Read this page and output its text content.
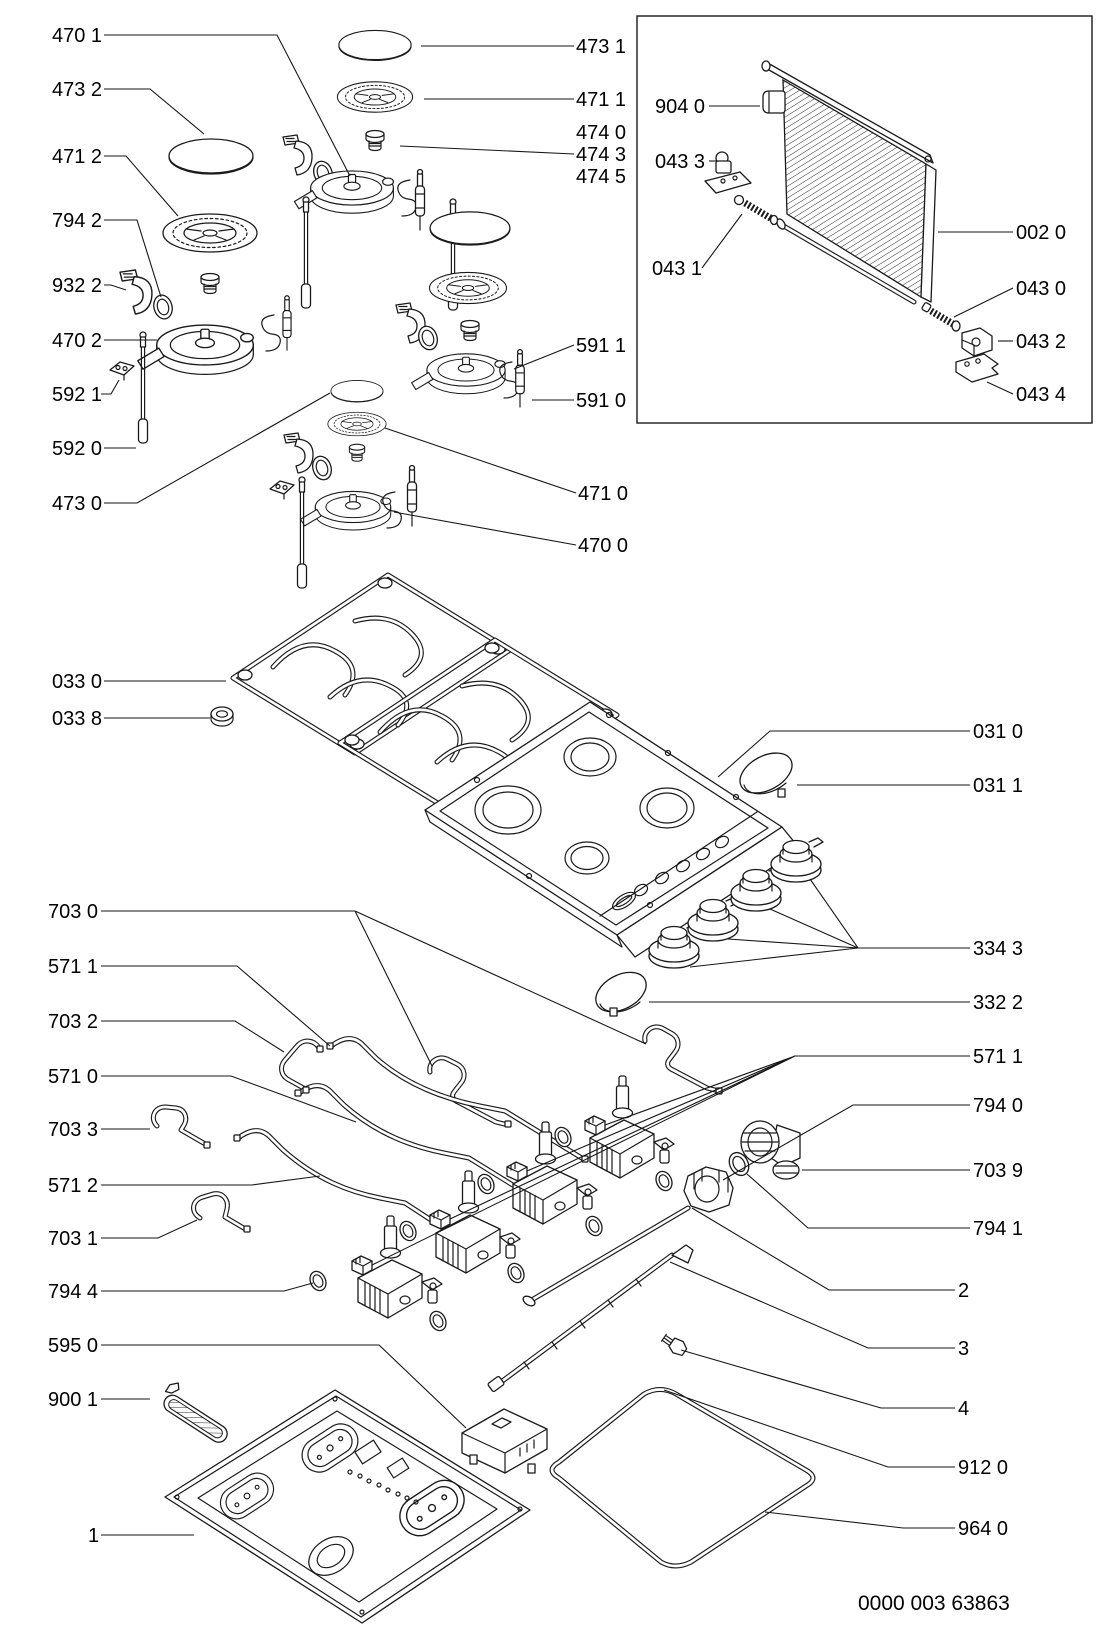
470 1
473 2
471 2
794 2
932 2
470 2
592 1
592 0
473 0
033 0
033 8
703 0
571 1
703 2
571 0
703 3
571 2
703 1
794 4
595 0
900 1
1
473 1
471 1
474 0
474 3
474 5
591 1
591 0
471 0
470 0
904 0
043 3
043 1
002 0
043 0
043 2
043 4
031 0
031 1
334 3
332 2
571 1
794 0
703 9
794 1
2
3
4
912 0
964 0
0000 003 63863
